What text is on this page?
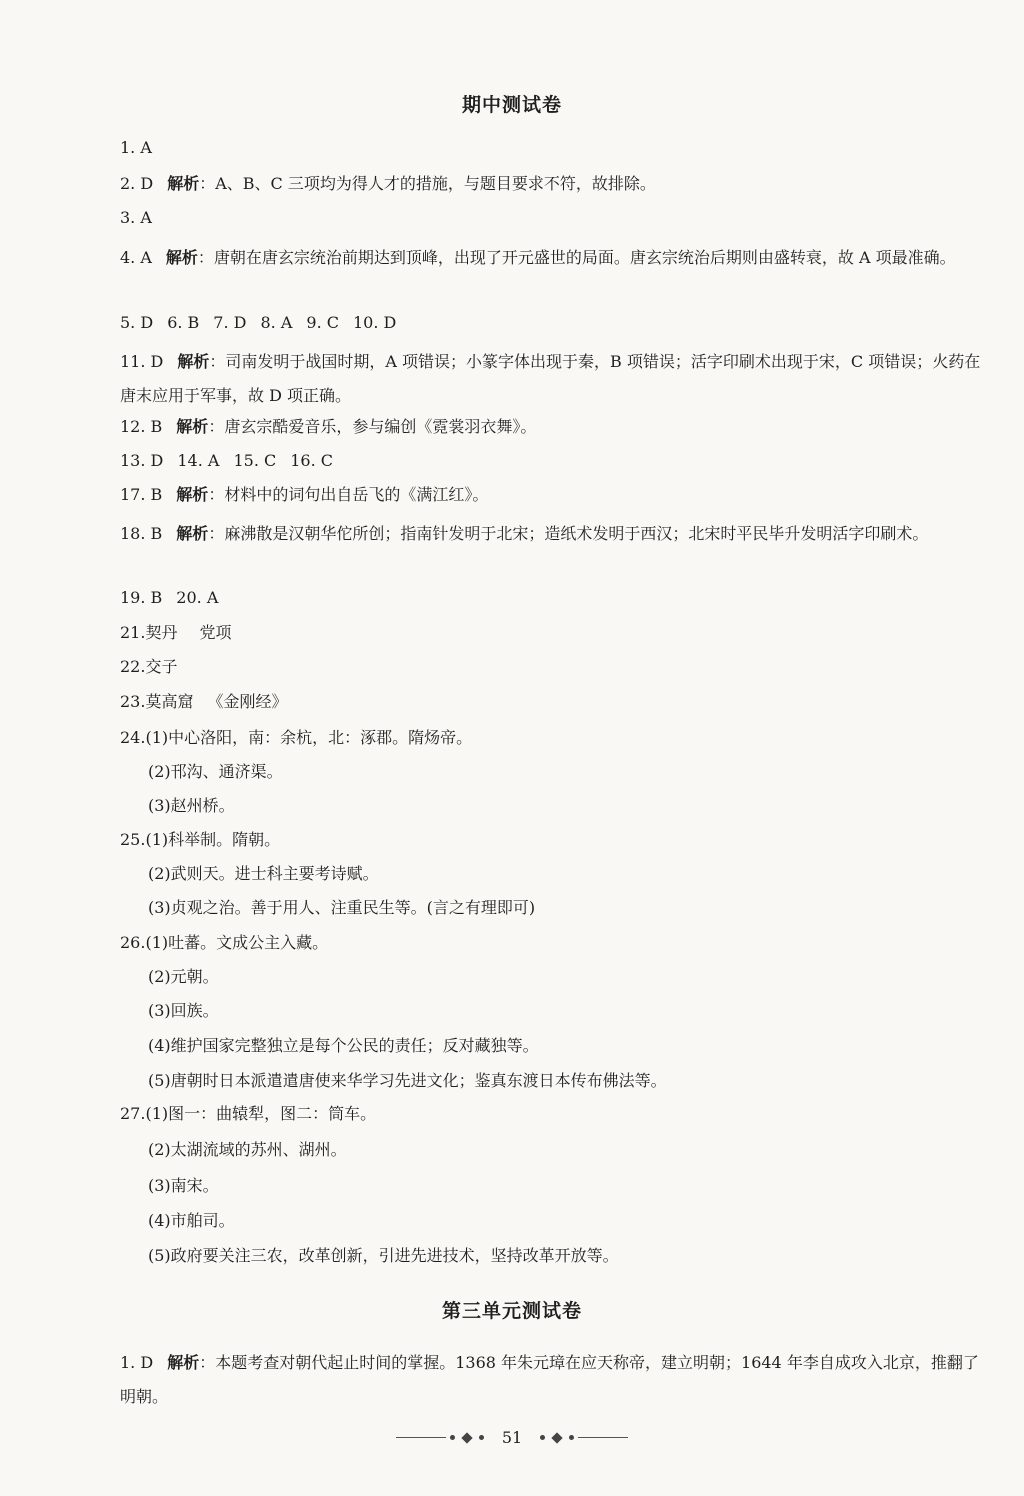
期中测试卷
1. A
2. D 解析：A、B、C 三项均为得人才的措施，与题目要求不符，故排除。
3. A
4. A 解析：唐朝在唐玄宗统治前期达到顶峰，出现了开元盛世的局面。唐玄宗统治后期则由盛转衰，故 A 项最准确。
5. D 6. B 7. D 8. A 9. C 10. D
11. D 解析：司南发明于战国时期，A 项错误；小篆字体出现于秦，B 项错误；活字印刷术出现于宋，C 项错误；火药在唐末应用于军事，故 D 项正确。
12. B 解析：唐玄宗酷爱音乐，参与编创《霓裳羽衣舞》。
13. D 14. A 15. C 16. C
17. B 解析：材料中的词句出自岳飞的《满江红》。
18. B 解析：麻沸散是汉朝华佗所创；指南针发明于北宋；造纸术发明于西汉；北宋时平民毕升发明活字印刷术。
19. B 20. A
21.契丹 党项
22.交子
23.莫高窟 《金刚经》
24.(1)中心洛阳，南：余杭，北：涿郡。隋炀帝。
(2)邗沟、通济渠。
(3)赵州桥。
25.(1)科举制。隋朝。
(2)武则天。进士科主要考诗赋。
(3)贞观之治。善于用人、注重民生等。(言之有理即可)
26.(1)吐蕃。文成公主入藏。
(2)元朝。
(3)回族。
(4)维护国家完整独立是每个公民的责任；反对藏独等。
(5)唐朝时日本派遣遣唐使来华学习先进文化；鉴真东渡日本传布佛法等。
27.(1)图一：曲辕犁，图二：筒车。
(2)太湖流域的苏州、湖州。
(3)南宋。
(4)市舶司。
(5)政府要关注三农，改革创新，引进先进技术，坚持改革开放等。
第三单元测试卷
1. D 解析：本题考查对朝代起止时间的掌握。1368 年朱元璋在应天称帝，建立明朝；1644 年李自成攻入北京，推翻了明朝。
51
